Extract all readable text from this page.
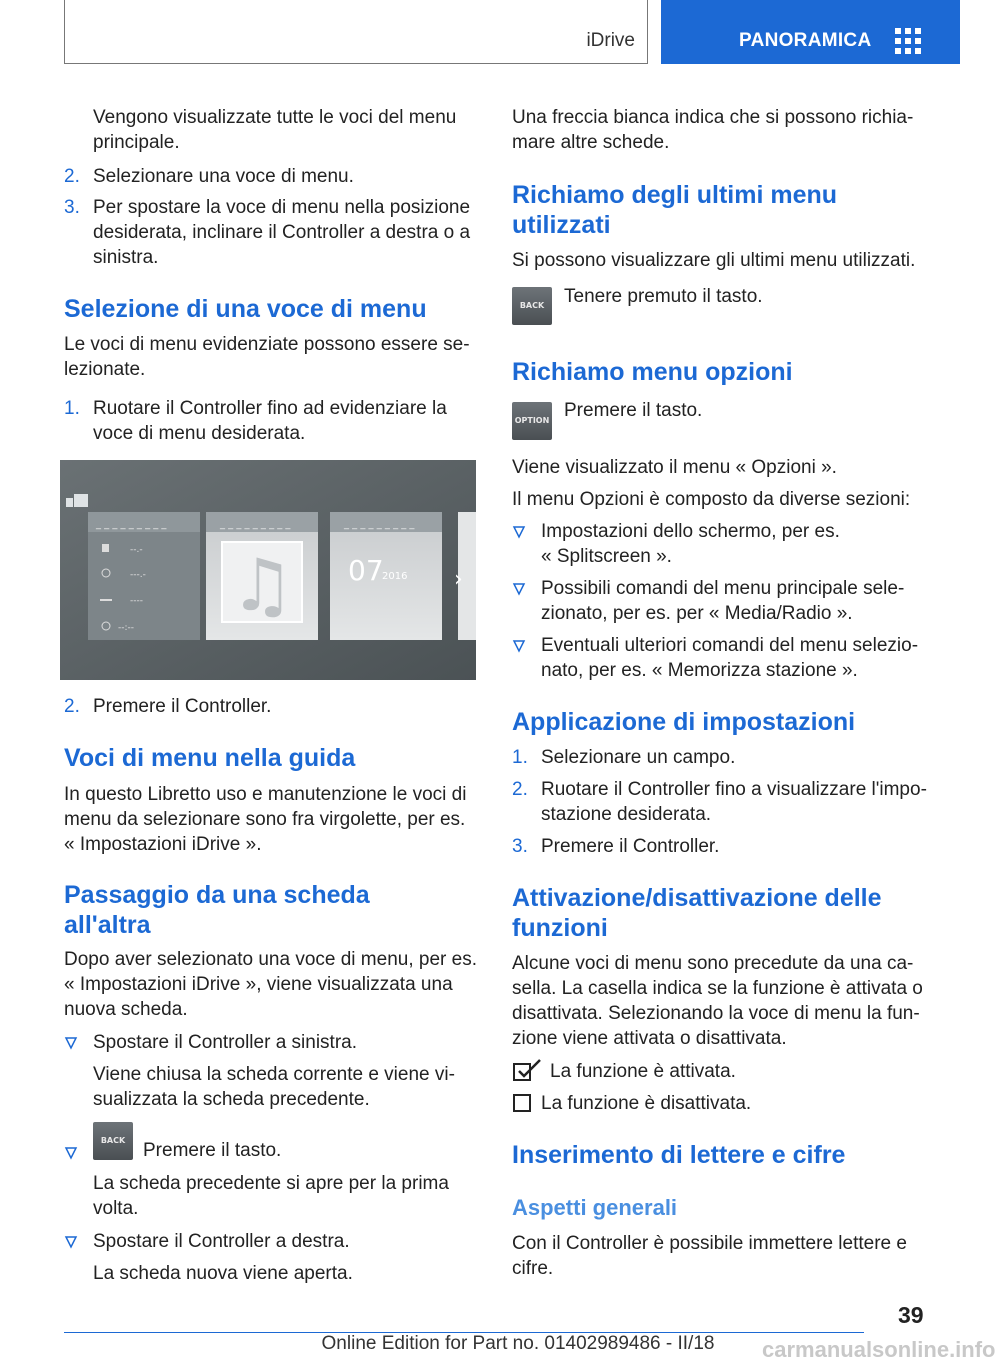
iDrive	PANORAMICA

Vengono visualizzate tutte le voci del menu

principale.

2. Selezionare una voce di menu.

3. Per spostare la voce di menu nella posizione

desiderata, inclinare il Controller a destra o a

sinistra.

Selezione di una voce di menu

Le voci di menu evidenziate possono essere se-

lezionate.

1. Ruotare il Controller fino ad evidenziare la

voce di menu desiderata.

♫	›
_ _ _ _ _ _ _ _ _	_ _ _ _ _ _ _ _ _	_ _ _ _ _ _ _ _ _
--.-
---.-
----
--:--
07
2016
2. Premere il Controller.

Voci di menu nella guida

In questo Libretto uso e manutenzione le voci di

menu da selezionare sono fra virgolette, per es.

« Impostazioni iDrive ».

Passaggio da una scheda
all'altra

Dopo aver selezionato una voce di menu, per es.

« Impostazioni iDrive », viene visualizzata una

nuova scheda.

Spostare il Controller a sinistra.

Viene chiusa la scheda corrente e viene vi-

sualizzata la scheda precedente.

BACK Premere il tasto.

La scheda precedente si apre per la prima

volta.

Spostare il Controller a destra.

La scheda nuova viene aperta.

Una freccia bianca indica che si possono richia-

mare altre schede.

Richiamo degli ultimi menu
utilizzati

Si possono visualizzare gli ultimi menu utilizzati.

BACK	Tenere premuto il tasto.

Richiamo menu opzioni
OPTION Premere il tasto.

Viene visualizzato il menu « Opzioni ».

Il menu Opzioni è composto da diverse sezioni:

Impostazioni dello schermo, per es.

« Splitscreen ».

Possibili comandi del menu principale sele-

zionato, per es. per « Media/Radio ».

Eventuali ulteriori comandi del menu selezio-

nato, per es. « Memorizza stazione ».

Applicazione di impostazioni
1. Selezionare un campo.

2. Ruotare il Controller fino a visualizzare l'impo-

stazione desiderata.

3. Premere il Controller.

Attivazione/disattivazione delle
funzioni

Alcune voci di menu sono precedute da una ca-

sella. La casella indica se la funzione è attivata o

disattivata. Selezionando la voce di menu la fun-

zione viene attivata o disattivata.

La funzione è attivata.

La funzione è disattivata.

Inserimento di lettere e cifre
Aspetti generali

Con il Controller è possibile immettere lettere e

cifre.

39
Online Edition for Part no. 01402989486 - II/18	carmanualsonline.info
